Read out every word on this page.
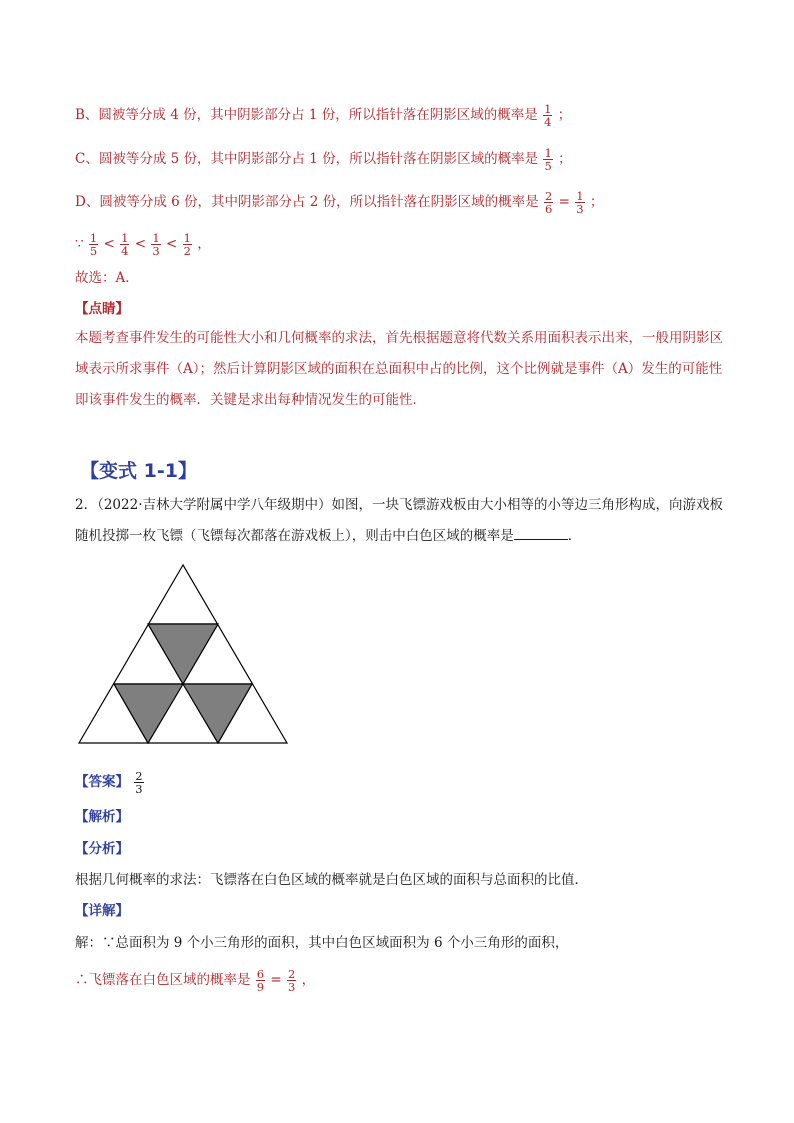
B、圆被等分成 4 份，其中阴影部分占 1 份，所以指针落在阴影区域的概率是 $\frac{1}{4}$ ；
C、圆被等分成 5 份，其中阴影部分占 1 份，所以指针落在阴影区域的概率是 $\frac{1}{5}$ ；
D、圆被等分成 6 份，其中阴影部分占 2 份，所以指针落在阴影区域的概率是 $\frac{2}{6} = \frac{1}{3}$ ；
∵ $\frac{1}{5} < \frac{1}{4} < \frac{1}{3} < \frac{1}{2}$ ，
故选：A．
【点睛】
本题考查事件发生的可能性大小和几何概率的求法，首先根据题意将代数关系用面积表示出来，一般用阴影区域表示所求事件（A）；然后计算阴影区域的面积在总面积中占的比例，这个比例就是事件（A）发生的可能性即该事件发生的概率．关键是求出每种情况发生的可能性．
【变式 1-1】
2．（2022·吉林大学附属中学八年级期中）如图，一块飞镖游戏板由大小相等的小等边三角形构成，向游戏板随机投掷一枚飞镖（飞镖每次都落在游戏板上），则击中白色区域的概率是	．
【答案】 $\frac{2}{3}$
【解析】
【分析】
根据几何概率的求法：飞镖落在白色区域的概率就是白色区域的面积与总面积的比值．
【详解】
解：∵总面积为 9 个小三角形的面积，其中白色区域面积为 6 个小三角形的面积，
∴飞镖落在白色区域的概率是 $\frac{6}{9} = \frac{2}{3}$ ，
